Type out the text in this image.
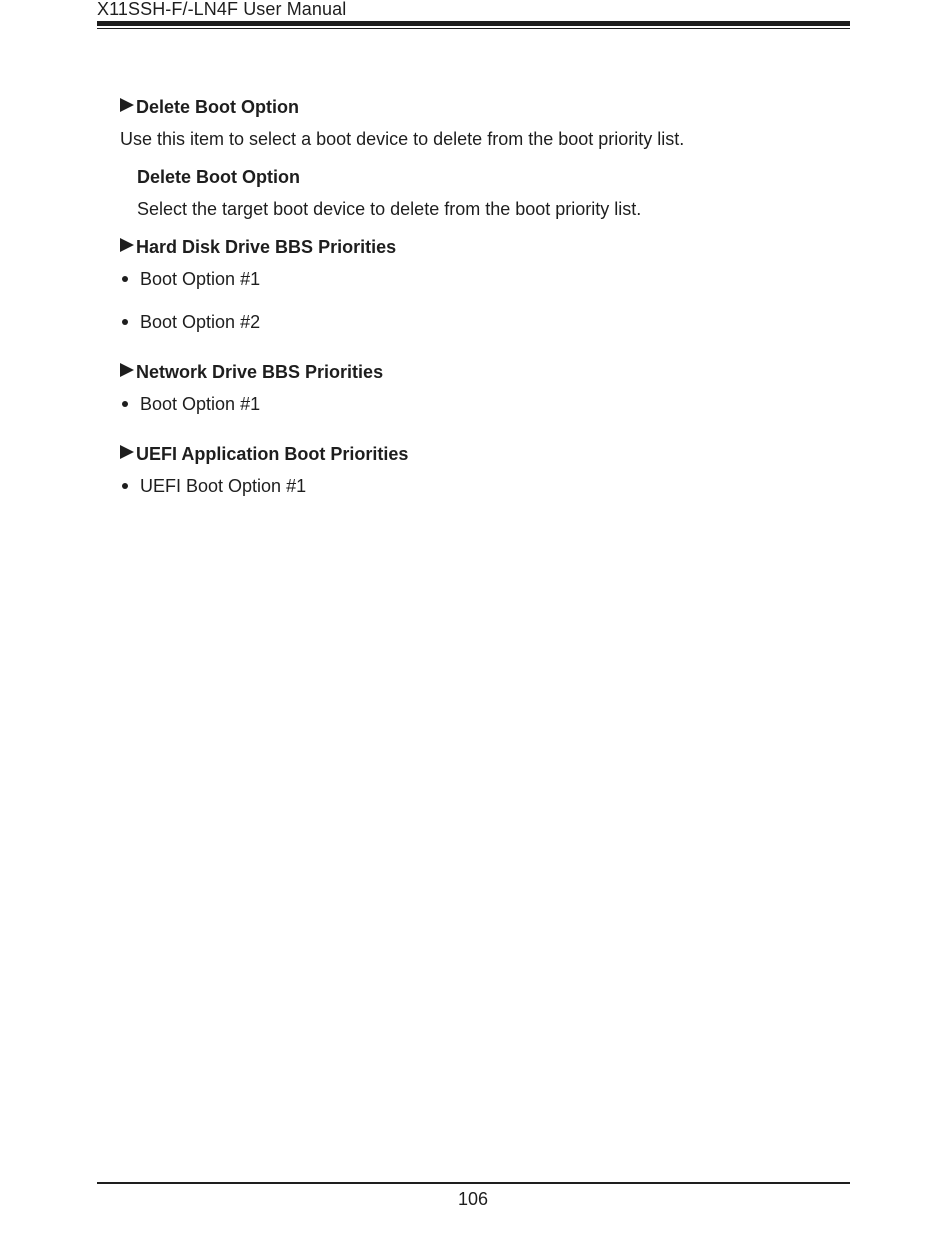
X11SSH-F/-LN4F User Manual
Delete Boot Option

Use this item to select a boot device to delete from the boot priority list.

Delete Boot Option

Select the target boot device to delete from the boot priority list.

Hard Disk Drive BBS Priorities
Boot Option #1
Boot Option #2
Network Drive BBS Priorities
Boot Option #1
UEFI Application Boot Priorities
UEFI Boot Option #1
106
